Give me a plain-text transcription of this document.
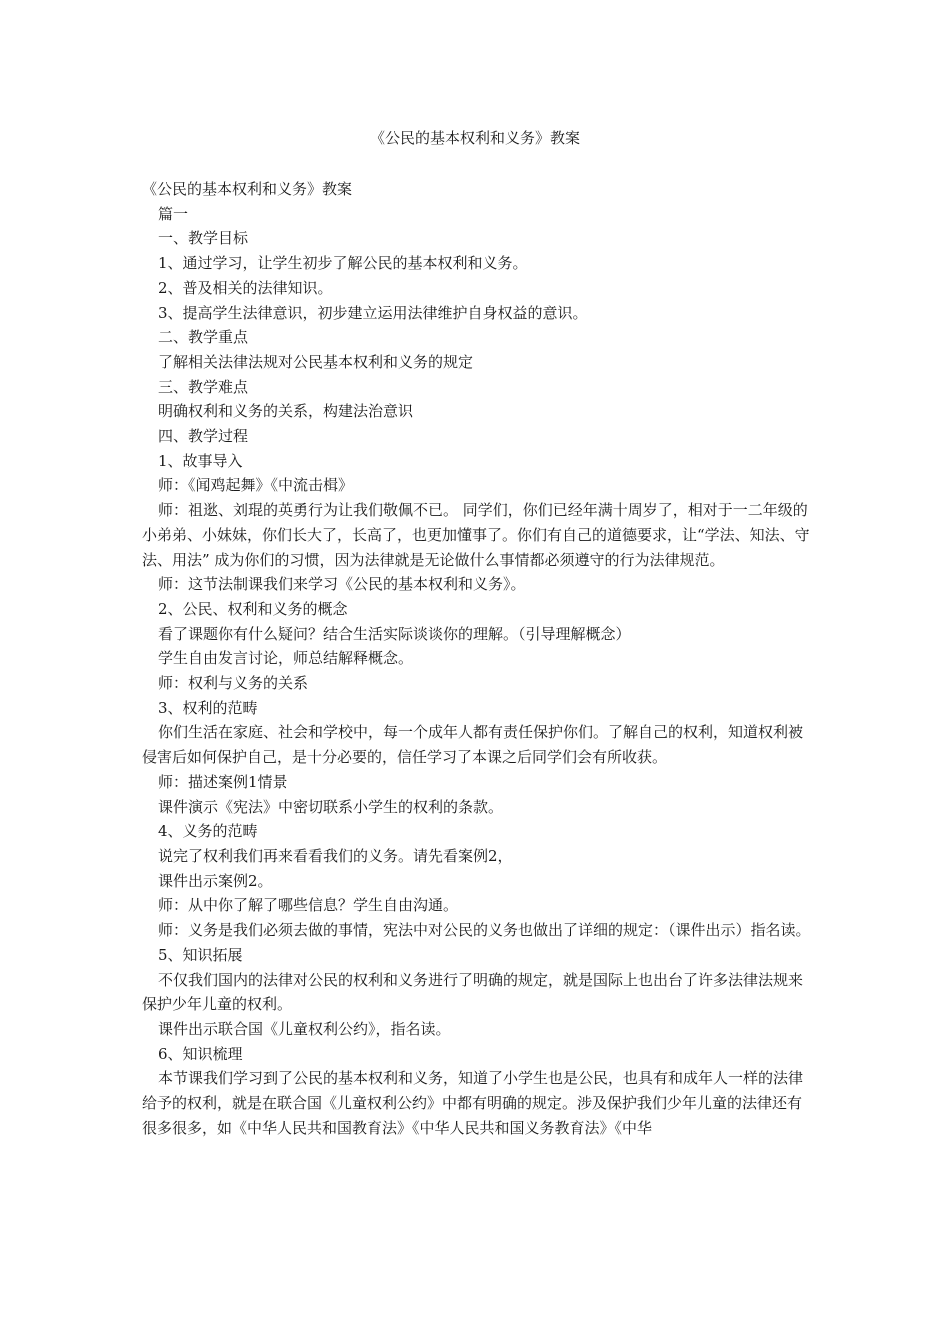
《公民的基本权利和义务》教案

《公民的基本权利和义务》教案

篇一

一、教学目标

1、通过学习，让学生初步了解公民的基本权利和义务。

2、普及相关的法律知识。

3、提高学生法律意识，初步建立运用法律维护自身权益的意识。

二、教学重点

了解相关法律法规对公民基本权利和义务的规定

三、教学难点

明确权利和义务的关系，构建法治意识

四、教学过程

1、故事导入

师：《闻鸡起舞》《中流击楫》

师：祖逖、刘琨的英勇行为让我们敬佩不已。 同学们，你们已经年满十周岁了，相对于一二年级的小弟弟、小妹妹，你们长大了，长高了，也更加懂事了。你们有自己的道德要求，让“学法、知法、守法、用法” 成为你们的习惯，因为法律就是无论做什么事情都必须遵守的行为法律规范。

师：这节法制课我们来学习《公民的基本权利和义务》。

2、公民、权利和义务的概念

看了课题你有什么疑问？结合生活实际谈谈你的理解。（引导理解概念）

学生自由发言讨论，师总结解释概念。

师：权利与义务的关系

3、权利的范畴

你们生活在家庭、社会和学校中，每一个成年人都有责任保护你们。了解自己的权利，知道权利被侵害后如何保护自己，是十分必要的，信任学习了本课之后同学们会有所收获。

师：描述案例1情景

课件演示《宪法》中密切联系小学生的权利的条款。

4、义务的范畴

说完了权利我们再来看看我们的义务。请先看案例2，

课件出示案例2。

师：从中你了解了哪些信息？学生自由沟通。

师：义务是我们必须去做的事情，宪法中对公民的义务也做出了详细的规定：（课件出示）指名读。

5、知识拓展

不仅我们国内的法律对公民的权利和义务进行了明确的规定，就是国际上也出台了许多法律法规来保护少年儿童的权利。

课件出示联合国《儿童权利公约》，指名读。

6、知识梳理

本节课我们学习到了公民的基本权利和义务，知道了小学生也是公民，也具有和成年人一样的法律给予的权利，就是在联合国《儿童权利公约》中都有明确的规定。涉及保护我们少年儿童的法律还有很多很多，如《中华人民共和国教育法》《中华人民共和国义务教育法》《中华
